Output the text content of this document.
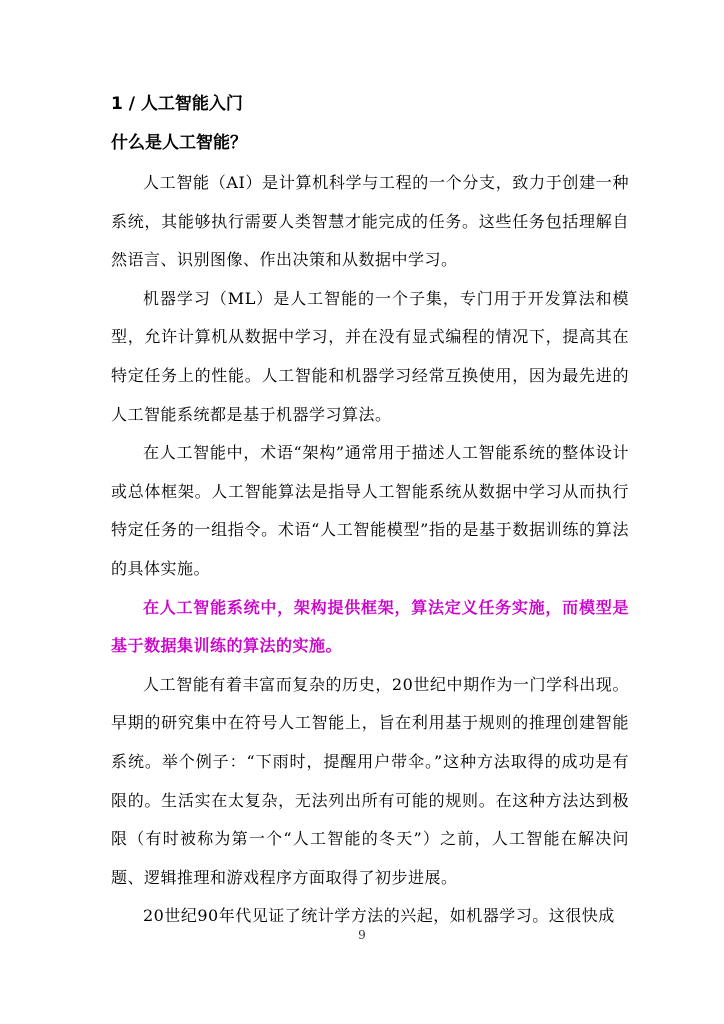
1 / 人工智能入门
什么是人工智能？

人工智能（AI）是计算机科学与工程的一个分支，致力于创建一种系统，其能够执行需要人类智慧才能完成的任务。这些任务包括理解自然语言、识别图像、作出决策和从数据中学习。

机器学习（ML）是人工智能的一个子集，专门用于开发算法和模型，允许计算机从数据中学习，并在没有显式编程的情况下，提高其在特定任务上的性能。人工智能和机器学习经常互换使用，因为最先进的人工智能系统都是基于机器学习算法。

在人工智能中，术语“架构”通常用于描述人工智能系统的整体设计或总体框架。人工智能算法是指导人工智能系统从数据中学习从而执行特定任务的一组指令。术语“人工智能模型”指的是基于数据训练的算法的具体实施。

在人工智能系统中，架构提供框架，算法定义任务实施，而模型是基于数据集训练的算法的实施。

人工智能有着丰富而复杂的历史，20世纪中期作为一门学科出现。早期的研究集中在符号人工智能上，旨在利用基于规则的推理创建智能系统。举个例子：“下雨时，提醒用户带伞。”这种方法取得的成功是有限的。生活实在太复杂，无法列出所有可能的规则。在这种方法达到极限（有时被称为第一个“人工智能的冬天”）之前，人工智能在解决问题、逻辑推理和游戏程序方面取得了初步进展。

20世纪90年代见证了统计学方法的兴起，如机器学习。这很快成

9
